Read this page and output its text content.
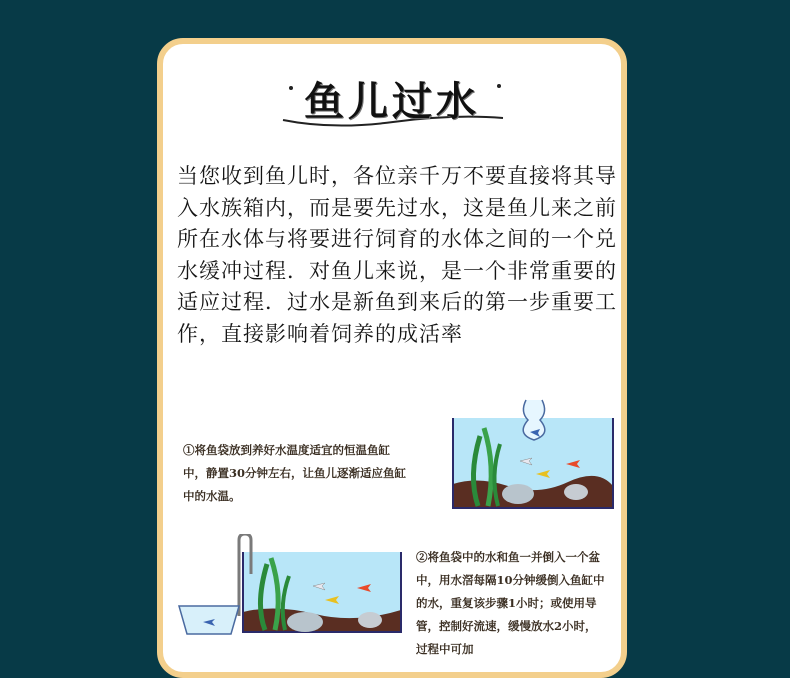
鱼儿过水
当您收到鱼儿时，各位亲千万不要直接将其导入水族箱内，而是要先过水，这是鱼儿来之前所在水体与将要进行饲育的水体之间的一个兑水缓冲过程．对鱼儿来说，是一个非常重要的适应过程．过水是新鱼到来后的第一步重要工作，直接影响着饲养的成活率
①将鱼袋放到养好水温度适宜的恒温鱼缸中，静置30分钟左右，让鱼儿逐渐适应鱼缸中的水温。
②将鱼袋中的水和鱼一并倒入一个盆中，用水滘每隔10分钟缓倒入鱼缸中的水，重复该步骤1小时；或使用导管，控制好流速，缓慢放水2小时，过程中可加
